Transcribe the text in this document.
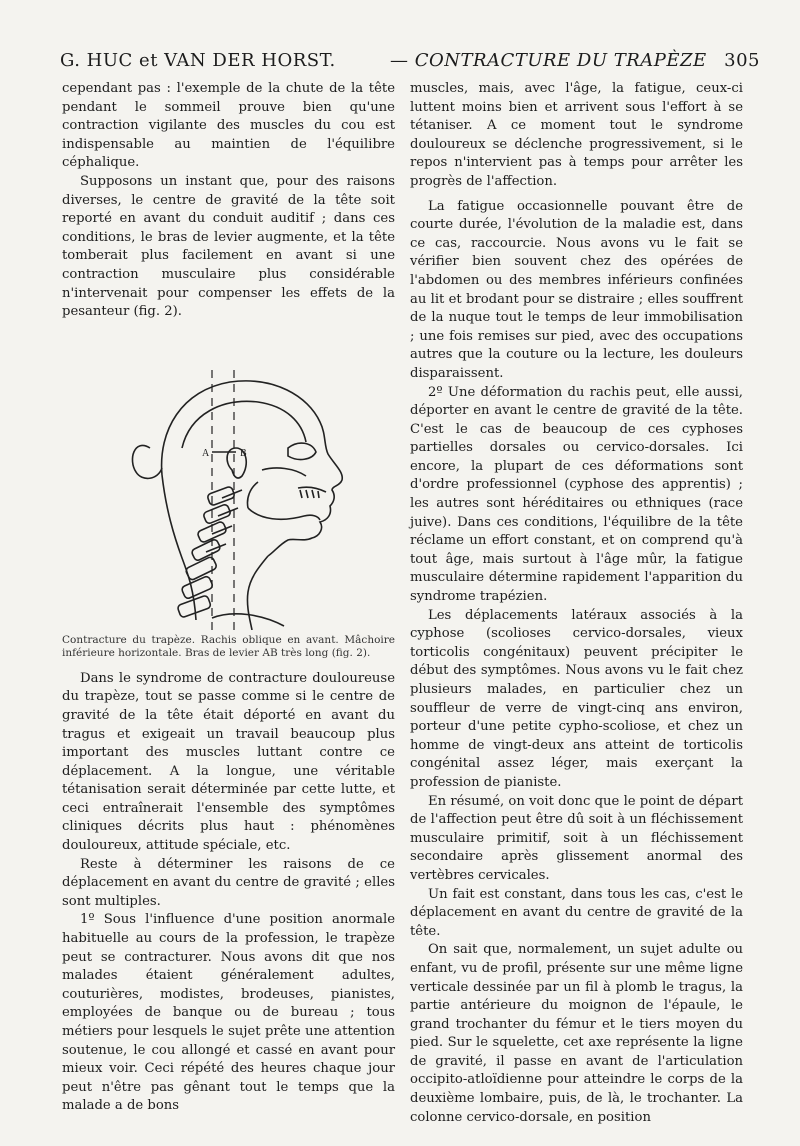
G. HUC et VAN DER HORST.	— CONTRACTURE DU TRAPÈZE 305

cependant pas : l'exemple de la chute de la tête pendant le sommeil prouve bien qu'une contraction vigilante des muscles du cou est indispensable au maintien de l'équilibre céphalique.

Supposons un instant que, pour des raisons diverses, le centre de gravité de la tête soit reporté en avant du conduit auditif ; dans ces conditions, le bras de levier augmente, et la tête tomberait plus facilement en avant si une contraction musculaire plus considérable n'intervenait pour compenser les effets de la pesanteur (fig. 2).

A	B
Contracture du trapèze. Rachis oblique en avant. Mâchoire inférieure horizontale. Bras de levier AB très long (fig. 2).

Dans le syndrome de contracture douloureuse du trapèze, tout se passe comme si le centre de gravité de la tête était déporté en avant du tragus et exigeait un travail beaucoup plus important des muscles luttant contre ce déplacement. A la longue, une véritable tétanisation serait déterminée par cette lutte, et ceci entraînerait l'ensemble des symptômes cliniques décrits plus haut : phénomènes douloureux, attitude spéciale, etc.

Reste à déterminer les raisons de ce déplacement en avant du centre de gravité ; elles sont multiples.

1º Sous l'influence d'une position anormale habituelle au cours de la profession, le trapèze peut se contracturer. Nous avons dit que nos malades étaient généralement adultes, couturières, modistes, brodeuses, pianistes, employées de banque ou de bureau ; tous métiers pour lesquels le sujet prête une attention soutenue, le cou allongé et cassé en avant pour mieux voir. Ceci répété des heures chaque jour peut n'être pas gênant tout le temps que la malade a de bons

muscles, mais, avec l'âge, la fatigue, ceux-ci luttent moins bien et arrivent sous l'effort à se tétaniser. A ce moment tout le syndrome douloureux se déclenche progressivement, si le repos n'intervient pas à temps pour arrêter les progrès de l'affection.

La fatigue occasionnelle pouvant être de courte durée, l'évolution de la maladie est, dans ce cas, raccourcie. Nous avons vu le fait se vérifier bien souvent chez des opérées de l'abdomen ou des membres inférieurs confinées au lit et brodant pour se distraire ; elles souffrent de la nuque tout le temps de leur immobilisation ; une fois remises sur pied, avec des occupations autres que la couture ou la lecture, les douleurs disparaissent.

2º Une déformation du rachis peut, elle aussi, déporter en avant le centre de gravité de la tête. C'est le cas de beaucoup de ces cyphoses partielles dorsales ou cervico-dorsales. Ici encore, la plupart de ces déformations sont d'ordre professionnel (cyphose des apprentis) ; les autres sont héréditaires ou ethniques (race juive). Dans ces conditions, l'équilibre de la tête réclame un effort constant, et on comprend qu'à tout âge, mais surtout à l'âge mûr, la fatigue musculaire détermine rapidement l'apparition du syndrome trapézien.

Les déplacements latéraux associés à la cyphose (scolioses cervico-dorsales, vieux torticolis congénitaux) peuvent précipiter le début des symptômes. Nous avons vu le fait chez plusieurs malades, en particulier chez un souffleur de verre de vingt-cinq ans environ, porteur d'une petite cypho-scoliose, et chez un homme de vingt-deux ans atteint de torticolis congénital assez léger, mais exerçant la profession de pianiste.

En résumé, on voit donc que le point de départ de l'affection peut être dû soit à un fléchissement musculaire primitif, soit à un fléchissement secondaire après glissement anormal des vertèbres cervicales.

Un fait est constant, dans tous les cas, c'est le déplacement en avant du centre de gravité de la tête.

On sait que, normalement, un sujet adulte ou enfant, vu de profil, présente sur une même ligne verticale dessinée par un fil à plomb le tragus, la partie antérieure du moignon de l'épaule, le grand trochanter du fémur et le tiers moyen du pied. Sur le squelette, cet axe représente la ligne de gravité, il passe en avant de l'articulation occipito-atloïdienne pour atteindre le corps de la deuxième lombaire, puis, de là, le trochanter. La colonne cervico-dorsale, en position
